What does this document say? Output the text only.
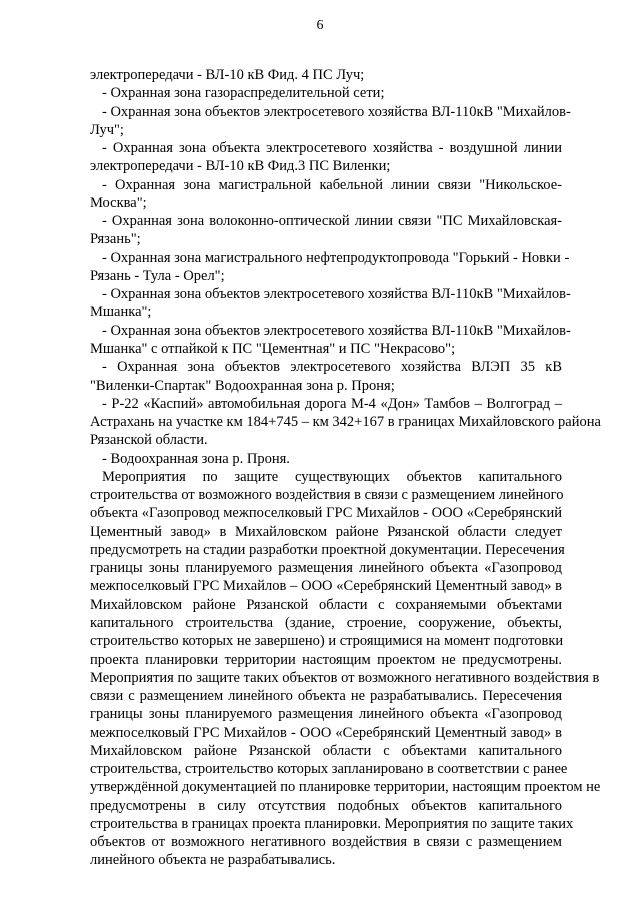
6
электропередачи - ВЛ-10 кВ Фид. 4 ПС Луч;
- Охранная зона газораспределительной сети;
- Охранная зона объектов электросетевого хозяйства ВЛ-110кВ "Михайлов-
Луч";
- Охранная зона объекта электросетевого хозяйства - воздушной линии
электропередачи - ВЛ-10 кВ Фид.3 ПС Виленки;
- Охранная зона магистральной кабельной линии связи "Никольское-
Москва";
- Охранная зона волоконно-оптической линии связи "ПС Михайловская-
Рязань";
- Охранная зона магистрального нефтепродуктопровода "Горький - Новки -
Рязань - Тула - Орел";
- Охранная зона объектов электросетевого хозяйства ВЛ-110кВ "Михайлов-
Мшанка";
- Охранная зона объектов электросетевого хозяйства ВЛ-110кВ "Михайлов-
Мшанка" с отпайкой к ПС "Цементная" и ПС "Некрасово";
- Охранная зона объектов электросетевого хозяйства ВЛЭП 35 кВ
"Виленки-Спартак" Водоохранная зона р. Проня;
- Р-22 «Каспий» автомобильная дорога М-4 «Дон» Тамбов – Волгоград –
Астрахань на участке км 184+745 – км 342+167 в границах Михайловского района
Рязанской области.
- Водоохранная зона р. Проня.
Мероприятия по защите существующих объектов капитального
строительства от возможного воздействия в связи с размещением линейного
объекта «Газопровод межпоселковый ГРС Михайлов - ООО «Серебрянский
Цементный завод» в Михайловском районе Рязанской области следует
предусмотреть на стадии разработки проектной документации. Пересечения
границы зоны планируемого размещения линейного объекта «Газопровод
межпоселковый ГРС Михайлов – ООО «Серебрянский Цементный завод» в
Михайловском районе Рязанской области с сохраняемыми объектами
капитального строительства (здание, строение, сооружение, объекты,
строительство которых не завершено) и строящимися на момент подготовки
проекта планировки территории настоящим проектом не предусмотрены.
Мероприятия по защите таких объектов от возможного негативного воздействия в
связи с размещением линейного объекта не разрабатывались. Пересечения
границы зоны планируемого размещения линейного объекта «Газопровод
межпоселковый ГРС Михайлов - ООО «Серебрянский Цементный завод» в
Михайловском районе Рязанской области с объектами капитального
строительства, строительство которых запланировано в соответствии с ранее
утверждённой документацией по планировке территории, настоящим проектом не
предусмотрены в силу отсутствия подобных объектов капитального
строительства в границах проекта планировки. Мероприятия по защите таких
объектов от возможного негативного воздействия в связи с размещением
линейного объекта не разрабатывались.
